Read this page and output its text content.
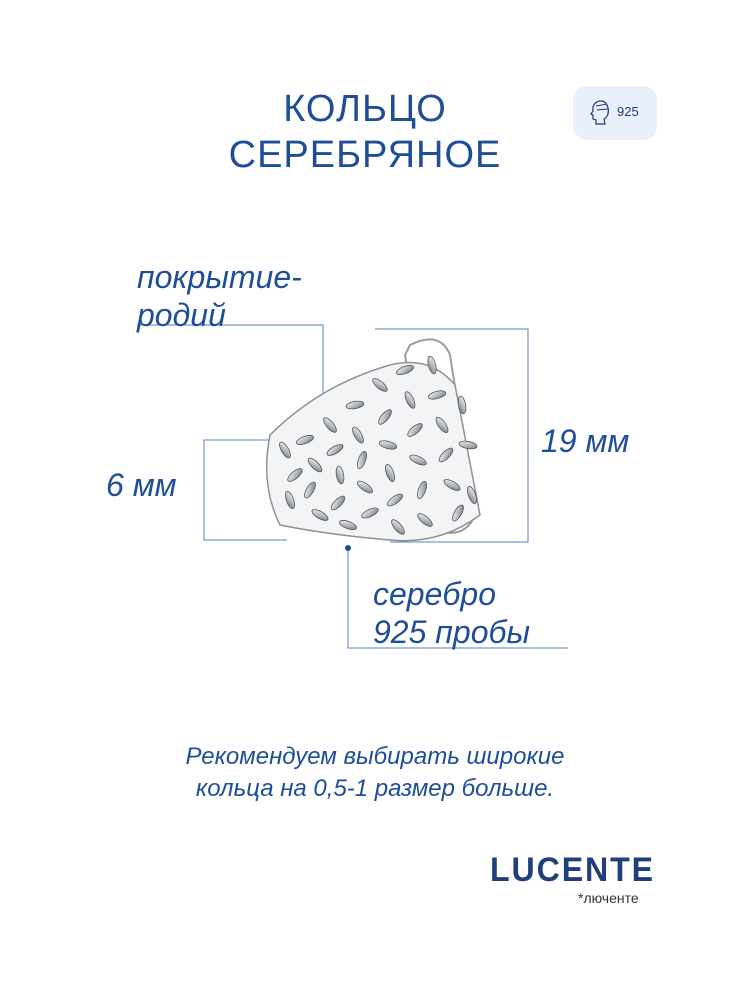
КОЛЬЦО
СЕРЕБРЯНОЕ
925
покрытие-
родий
19 мм
6 мм
серебро
925 пробы
Рекомендуем выбирать широкие
кольца на 0,5-1 размер больше.
LUCENTE
*люченте
